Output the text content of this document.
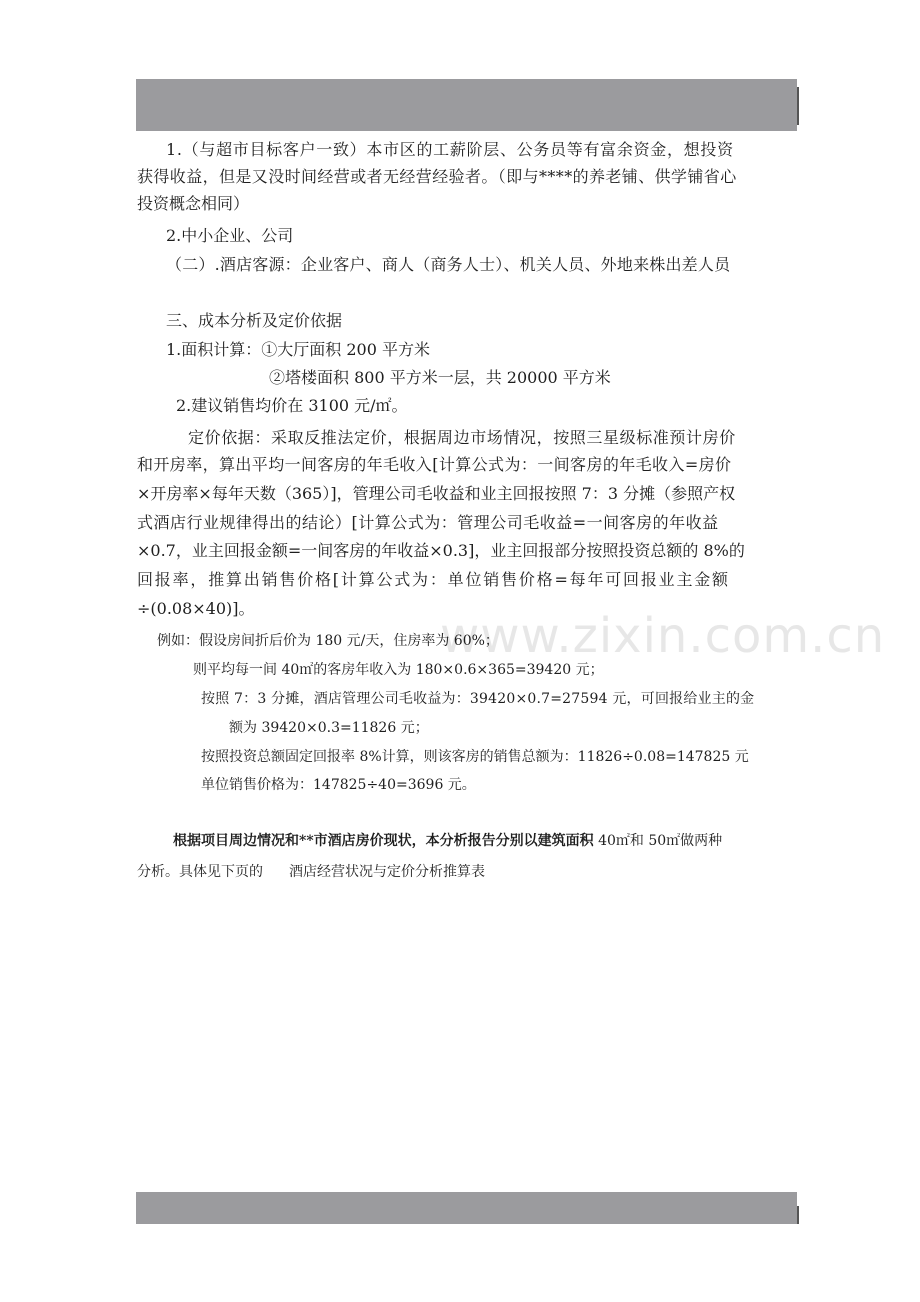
www.zixin.com.cn
1.（与超市目标客户一致）本市区的工薪阶层、公务员等有富余资金，想投资
获得收益，但是又没时间经营或者无经营经验者。（即与****的养老铺、供学铺省心
投资概念相同）
2.中小企业、公司
（二）.酒店客源：企业客户、商人（商务人士）、机关人员、外地来株出差人员
三、成本分析及定价依据
1.面积计算：①大厅面积 200 平方米
②塔楼面积 800 平方米一层，共 20000 平方米
2.建议销售均价在 3100 元/㎡。
定价依据：采取反推法定价，根据周边市场情况，按照三星级标准预计房价
和开房率，算出平均一间客房的年毛收入[计算公式为：一间客房的年毛收入=房价
×开房率×每年天数（365）]，管理公司毛收益和业主回报按照 7：3 分摊（参照产权
式酒店行业规律得出的结论）[计算公式为：管理公司毛收益=一间客房的年收益
×0.7，业主回报金额=一间客房的年收益×0.3]，业主回报部分按照投资总额的 8%的
回报率，推算出销售价格[计算公式为：单位销售价格=每年可回报业主金额
÷(0.08×40)]。
例如：假设房间折后价为 180 元/天，住房率为 60%；
则平均每一间 40㎡的客房年收入为 180×0.6×365=39420 元；
按照 7：3 分摊，酒店管理公司毛收益为：39420×0.7=27594 元，可回报给业主的金
额为 39420×0.3=11826 元；
按照投资总额固定回报率 8%计算，则该客房的销售总额为：11826÷0.08=147825 元
单位销售价格为：147825÷40=3696 元。
根据项目周边情况和**市酒店房价现状，本分析报告分别以建筑面积 40㎡和 50㎡做两种
分析。具体见下页的 酒店经营状况与定价分析推算表
